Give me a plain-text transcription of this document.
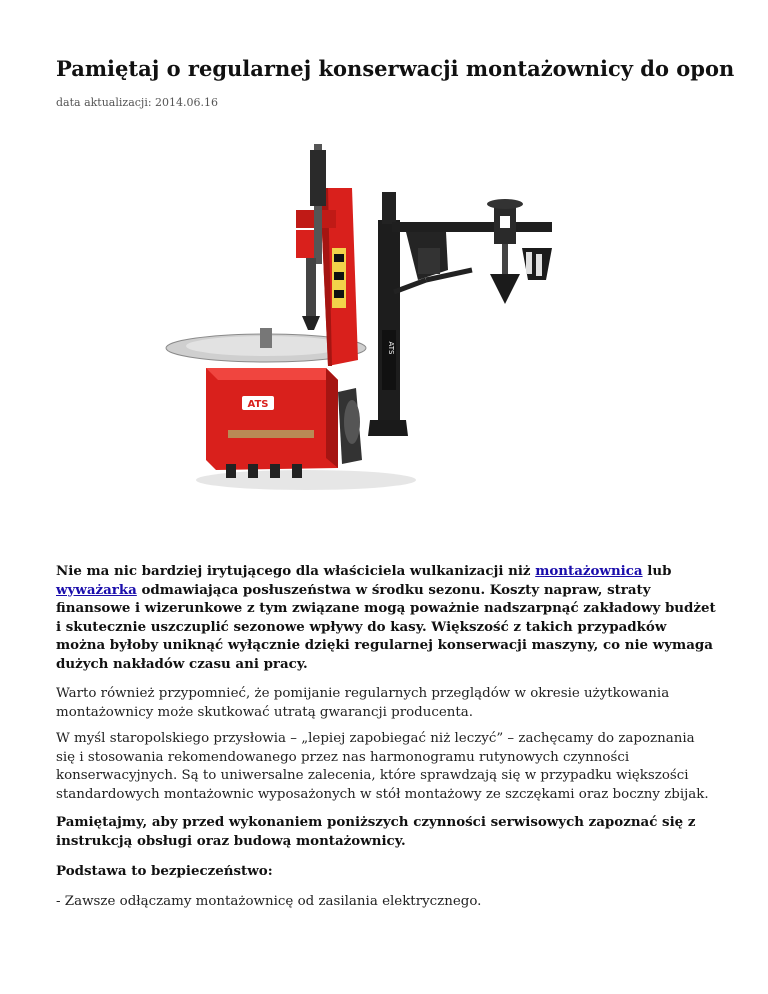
Pamiętaj o regularnej konserwacji montażownicy do opon
data aktualizacji: 2014.06.16
ATS
ATS

Nie ma nic bardziej irytującego dla właściciela wulkanizacji niż montażownica lub wyważarka odmawiająca posłuszeństwa w środku sezonu. Koszty napraw, straty finansowe i wizerunkowe z tym związane mogą poważnie nadszarpnąć zakładowy budżet i skutecznie uszczuplić sezonowe wpływy do kasy. Większość z takich przypadków można byłoby uniknąć wyłącznie dzięki regularnej konserwacji maszyny, co nie wymaga dużych nakładów czasu ani pracy.

Warto również przypomnieć, że pomijanie regularnych przeglądów w okresie użytkowania montażownicy może skutkować utratą gwarancji producenta.

W myśl staropolskiego przysłowia – „lepiej zapobiegać niż leczyć” – zachęcamy do zapoznania się i stosowania rekomendowanego przez nas harmonogramu rutynowych czynności konserwacyjnych. Są to uniwersalne zalecenia, które sprawdzają się w przypadku większości standardowych montażownic wyposażonych w stół montażowy ze szczękami oraz boczny zbijak.

Pamiętajmy, aby przed wykonaniem poniższych czynności serwisowych zapoznać się z instrukcją obsługi oraz budową montażownicy.

Podstawa to bezpieczeństwo:

- Zawsze odłączamy montażownicę od zasilania elektrycznego.
